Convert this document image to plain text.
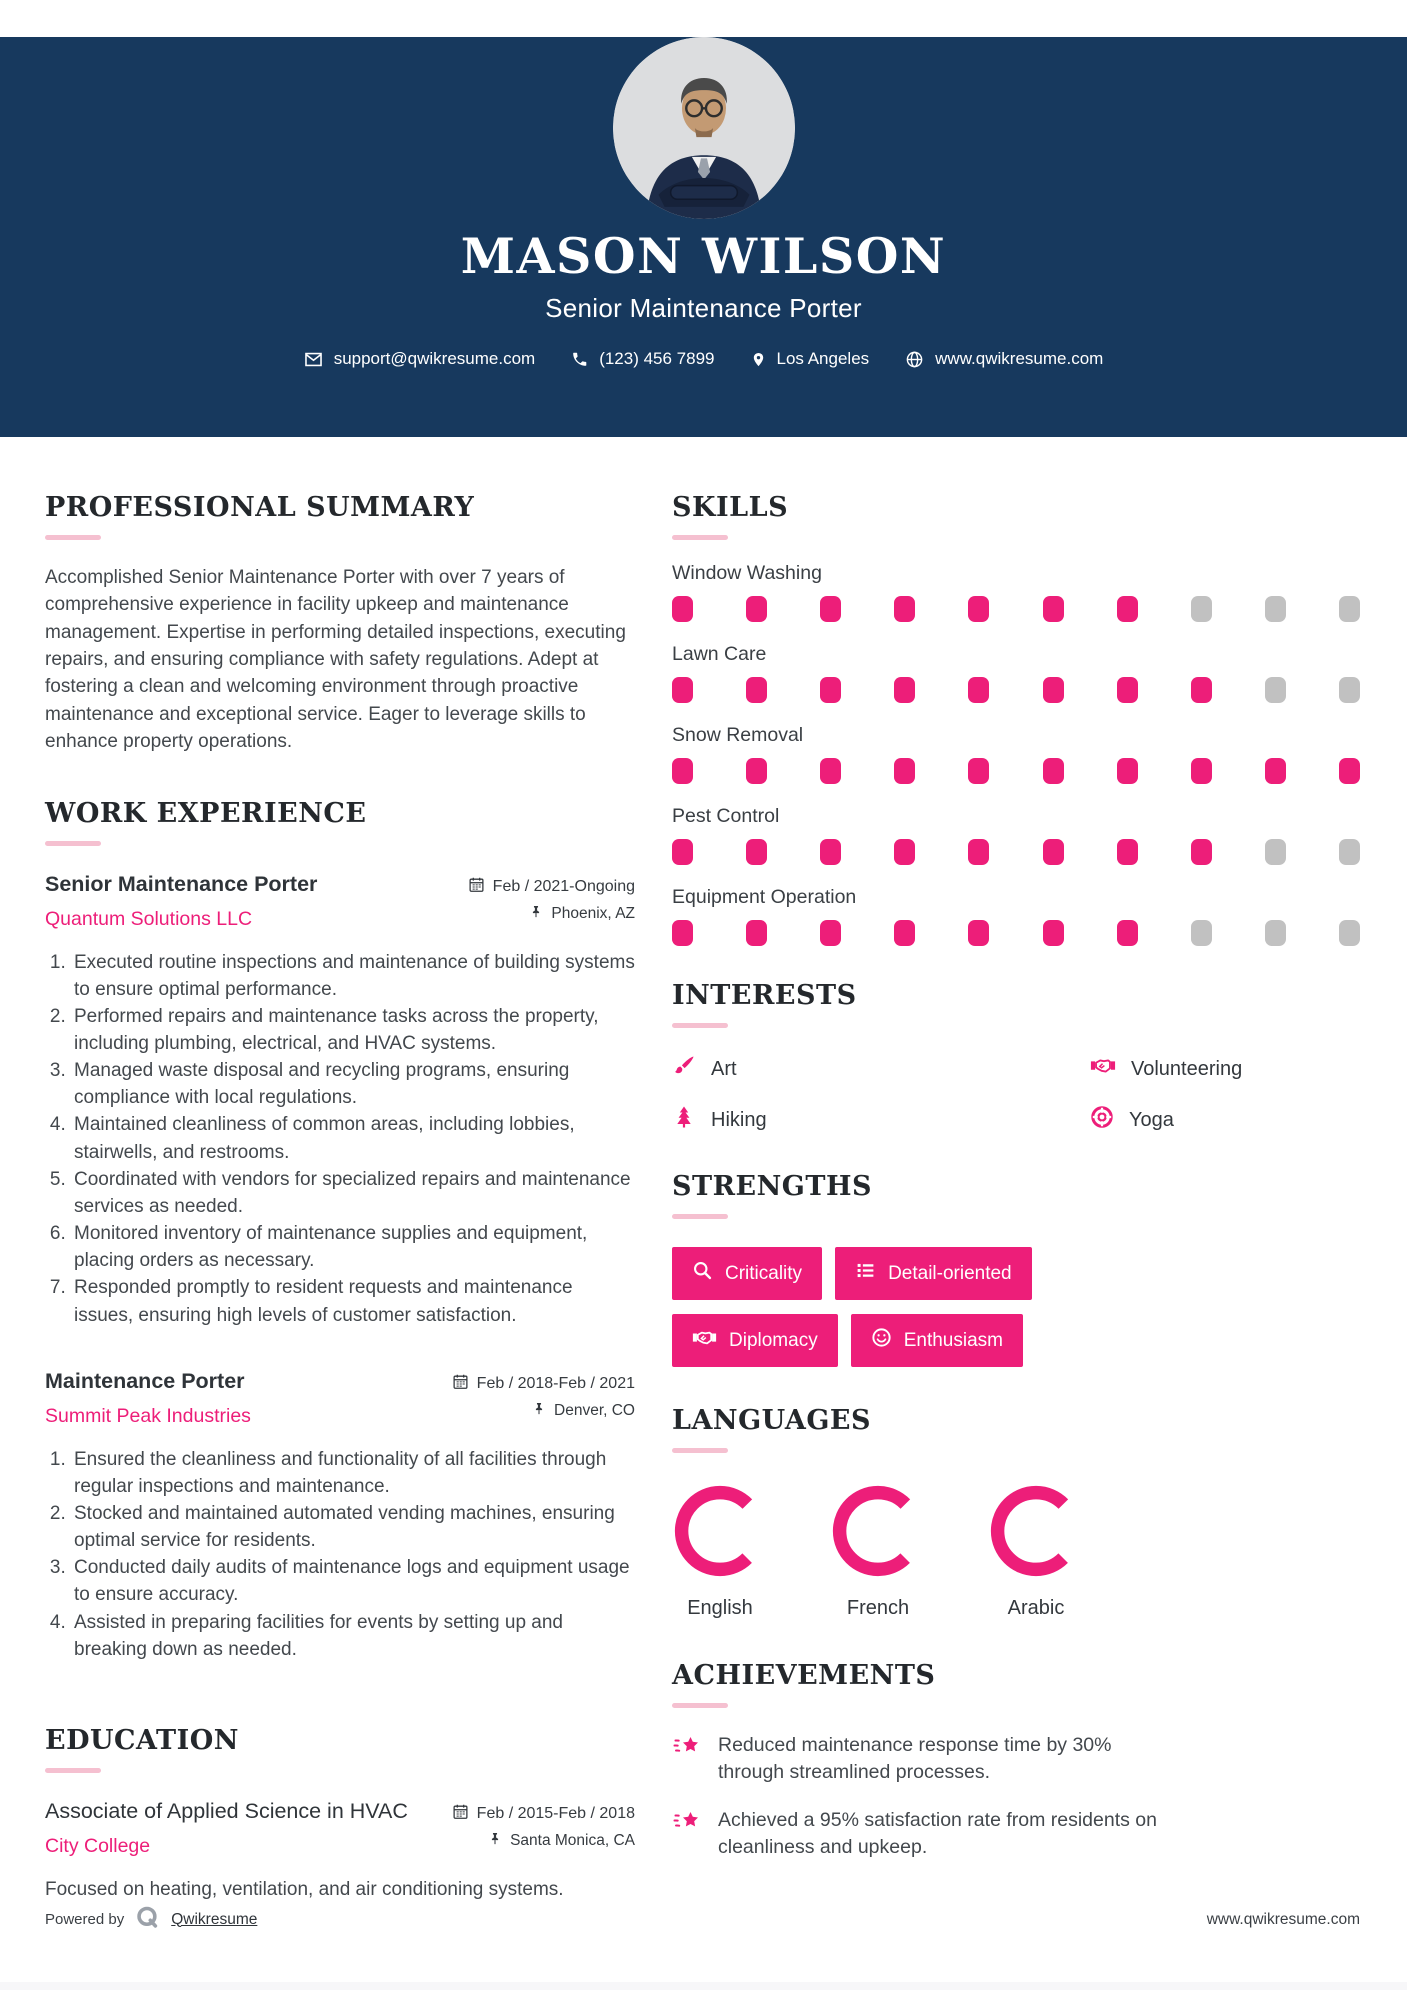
MASON WILSON
Senior Maintenance Porter
support@qwikresume.com	(123) 456 7899	Los Angeles	www.qwikresume.com
PROFESSIONAL SUMMARY

Accomplished Senior Maintenance Porter with over 7 years of comprehensive experience in facility upkeep and maintenance management. Expertise in performing detailed inspections, executing repairs, and ensuring compliance with safety regulations. Adept at fostering a clean and welcoming environment through proactive maintenance and exceptional service. Eager to leverage skills to enhance property operations.

WORK EXPERIENCE
Senior Maintenance Porter	Feb / 2021-Ongoing
Quantum Solutions LLC	Phoenix, AZ
1. Executed routine inspections and maintenance of building systems to ensure optimal performance.
2. Performed repairs and maintenance tasks across the property, including plumbing, electrical, and HVAC systems.
3. Managed waste disposal and recycling programs, ensuring compliance with local regulations.
4. Maintained cleanliness of common areas, including lobbies, stairwells, and restrooms.
5. Coordinated with vendors for specialized repairs and maintenance services as needed.
6. Monitored inventory of maintenance supplies and equipment, placing orders as necessary.
7. Responded promptly to resident requests and maintenance issues, ensuring high levels of customer satisfaction.
Maintenance Porter	Feb / 2018-Feb / 2021
Summit Peak Industries	Denver, CO
1. Ensured the cleanliness and functionality of all facilities through regular inspections and maintenance.
2. Stocked and maintained automated vending machines, ensuring optimal service for residents.
3. Conducted daily audits of maintenance logs and equipment usage to ensure accuracy.
4. Assisted in preparing facilities for events by setting up and breaking down as needed.
EDUCATION
Associate of Applied Science in HVAC	Feb / 2015-Feb / 2018
City College	Santa Monica, CA

Focused on heating, ventilation, and air conditioning systems.

SKILLS
Window Washing
Lawn Care
Snow Removal
Pest Control
Equipment Operation
INTERESTS
Art	Volunteering
Hiking	Yoga
STRENGTHS
Criticality	Detail-oriented
Diplomacy	Enthusiasm
LANGUAGES
English	French	Arabic
ACHIEVEMENTS
Reduced maintenance response time by 30% through streamlined processes.
Achieved a 95% satisfaction rate from residents on cleanliness and upkeep.
Powered by	Qwikresume	www.qwikresume.com
